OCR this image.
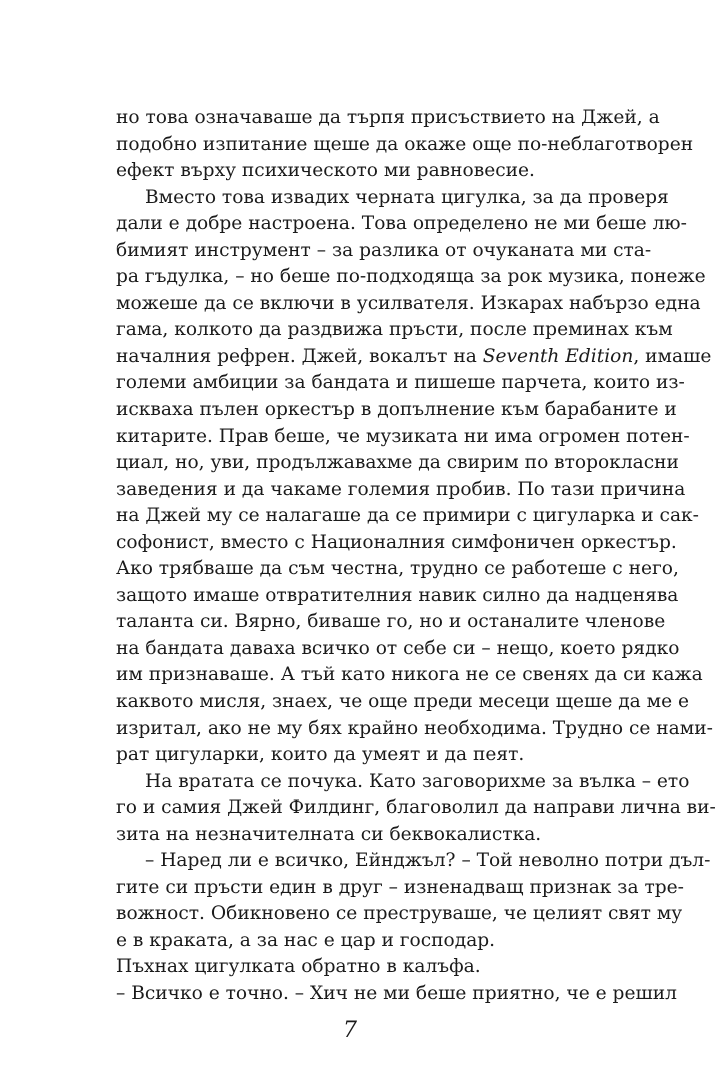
но това означаваше да търпя присъствието на Джей, а
подобно изпитание щеше да окаже още по-неблаготворен
ефект върху психическото ми равновесие.
Вместо това извадих черната цигулка, за да проверя
дали е добре настроена. Това определено не ми беше лю-
бимият инструмент – за разлика от очуканата ми ста-
ра гъдулка, – но беше по-подходяща за рок музика, понеже
можеше да се включи в усилвателя. Изкарах набързо една
гама, колкото да раздвижа пръсти, после преминах към
началния рефрен. Джей, вокалът на Seventh Edition, имаше
големи амбиции за бандата и пишеше парчета, които из-
искваха пълен оркестър в допълнение към барабаните и
китарите. Прав беше, че музиката ни има огромен потен-
циал, но, уви, продължавахме да свирим по второкласни
заведения и да чакаме големия пробив. По тази причина
на Джей му се налагаше да се примири с цигуларка и сак-
софонист, вместо с Националния симфоничен оркестър.
Ако трябваше да съм честна, трудно се работеше с него,
защото имаше отвратителния навик силно да надценява
таланта си. Вярно, биваше го, но и останалите членове
на бандата даваха всичко от себе си – нещо, което рядко
им признаваше. А тъй като никога не се свенях да си кажа
каквото мисля, знаех, че още преди месеци щеше да ме е
изритал, ако не му бях крайно необходима. Трудно се нами-
рат цигуларки, които да умеят и да пеят.
На вратата се почука. Като заговорихме за вълка – ето
го и самия Джей Филдинг, благоволил да направи лична ви-
зита на незначителната си беквокалистка.
– Наред ли е всичко, Ейнджъл? – Той неволно потри дъл-
гите си пръсти един в друг – изненадващ признак за тре-
вожност. Обикновено се преструваше, че целият свят му
7
е в краката, а за нас е цар и господар.
Пъхнах цигулката обратно в калъфа.
– Всичко е точно. – Хич не ми беше приятно, че е решил
